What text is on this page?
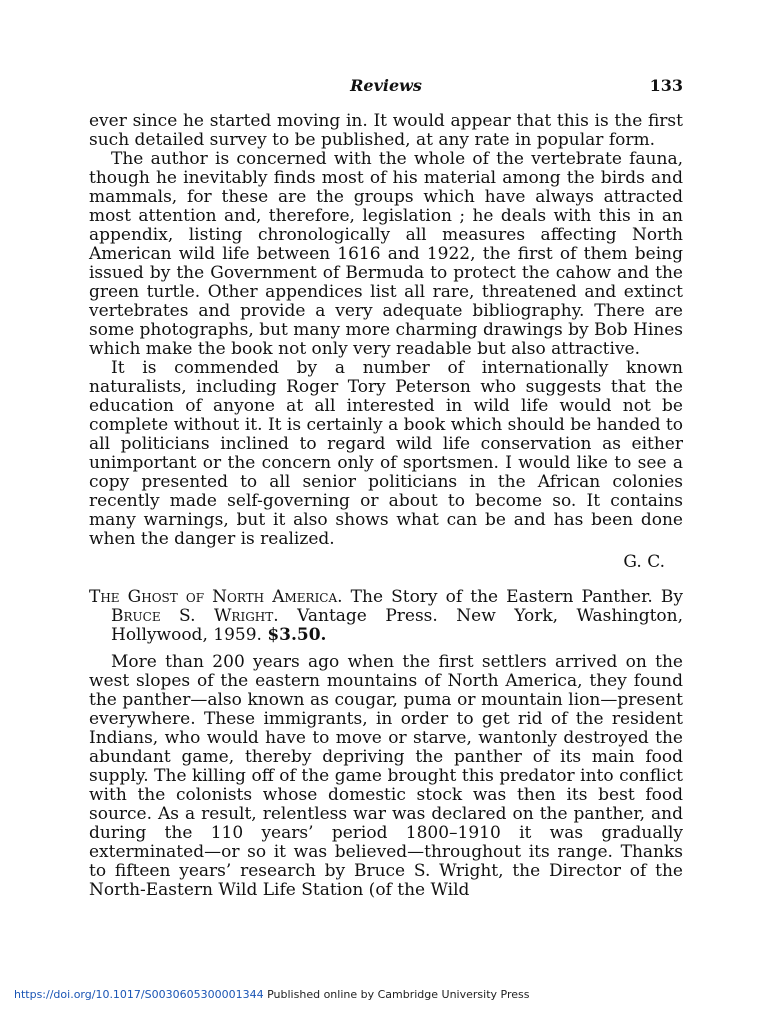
Reviews	133

ever since he started moving in. It would appear that this is the first such detailed survey to be published, at any rate in popular form.

The author is concerned with the whole of the vertebrate fauna, though he inevitably finds most of his material among the birds and mammals, for these are the groups which have always attracted most attention and, therefore, legislation ; he deals with this in an appendix, listing chronologically all measures affecting North American wild life between 1616 and 1922, the first of them being issued by the Government of Bermuda to protect the cahow and the green turtle. Other appendices list all rare, threatened and extinct vertebrates and provide a very adequate bibliography. There are some photographs, but many more charming drawings by Bob Hines which make the book not only very readable but also attractive.

It is commended by a number of internationally known naturalists, including Roger Tory Peterson who suggests that the education of anyone at all interested in wild life would not be complete without it. It is certainly a book which should be handed to all politicians inclined to regard wild life conservation as either unimportant or the concern only of sportsmen. I would like to see a copy presented to all senior politicians in the African colonies recently made self-governing or about to become so. It contains many warnings, but it also shows what can be and has been done when the danger is realized.

G. C.
The Ghost of North America. The Story of the Eastern Panther. By Bruce S. Wright. Vantage Press. New York, Washington, Hollywood, 1959. $3.50.

More than 200 years ago when the first settlers arrived on the west slopes of the eastern mountains of North America, they found the panther—also known as cougar, puma or mountain lion—present everywhere. These immigrants, in order to get rid of the resident Indians, who would have to move or starve, wantonly destroyed the abundant game, thereby depriving the panther of its main food supply. The killing off of the game brought this predator into conflict with the colonists whose domestic stock was then its best food source. As a result, relentless war was declared on the panther, and during the 110 years’ period 1800–1910 it was gradually exterminated—or so it was believed—throughout its range. Thanks to fifteen years’ research by Bruce S. Wright, the Director of the North-Eastern Wild Life Station (of the Wild

https://doi.org/10.1017/S0030605300001344 Published online by Cambridge University Press
